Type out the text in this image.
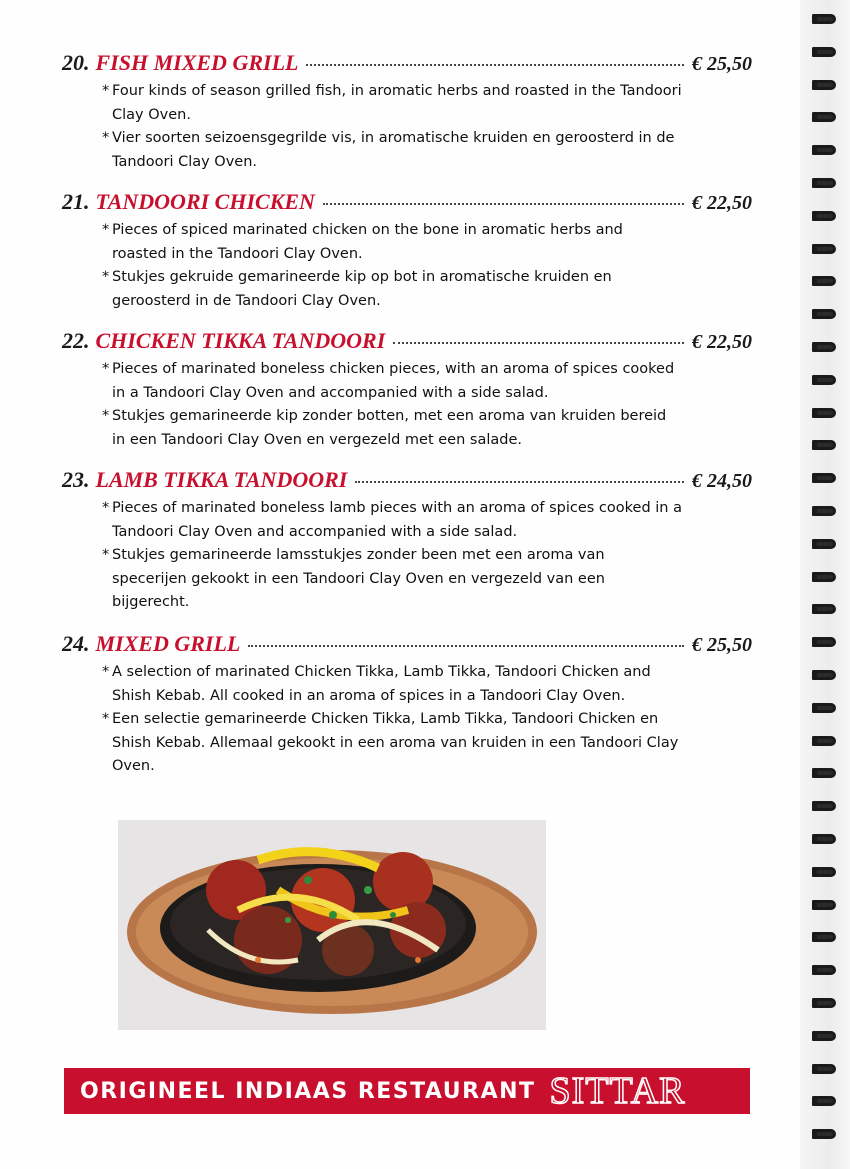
20. FISH MIXED GRILL	€ 25,50
* Four kinds of season grilled fish, in aromatic herbs and roasted in the Tandoori Clay Oven.
* Vier soorten seizoensgegrilde vis, in aromatische kruiden en geroosterd in de Tandoori Clay Oven.
21. TANDOORI CHICKEN	€ 22,50
* Pieces of spiced marinated chicken on the bone in aromatic herbs and roasted in the Tandoori Clay Oven.
* Stukjes gekruide gemarineerde kip op bot in aromatische kruiden en geroosterd in de Tandoori Clay Oven.
22. CHICKEN TIKKA TANDOORI	€ 22,50
* Pieces of marinated boneless chicken pieces, with an aroma of spices cooked in a Tandoori Clay Oven and accompanied with a side salad.
* Stukjes gemarineerde kip zonder botten, met een aroma van kruiden bereid in een Tandoori Clay Oven en vergezeld met een salade.
23. LAMB TIKKA TANDOORI	€ 24,50
* Pieces of marinated boneless lamb pieces with an aroma of spices cooked in a Tandoori Clay Oven and accompanied with a side salad.
* Stukjes gemarineerde lamsstukjes zonder been met een aroma van specerijen gekookt in een Tandoori Clay Oven en vergezeld van een bijgerecht.
24. MIXED GRILL	€ 25,50
* A selection of marinated Chicken Tikka, Lamb Tikka, Tandoori Chicken and Shish Kebab. All cooked in an aroma of spices in a Tandoori Clay Oven.
* Een selectie gemarineerde Chicken Tikka, Lamb Tikka, Tandoori Chicken en Shish Kebab. Allemaal gekookt in een aroma van kruiden in een Tandoori Clay Oven.
ORIGINEEL INDIAAS RESTAURANT SITTAR
